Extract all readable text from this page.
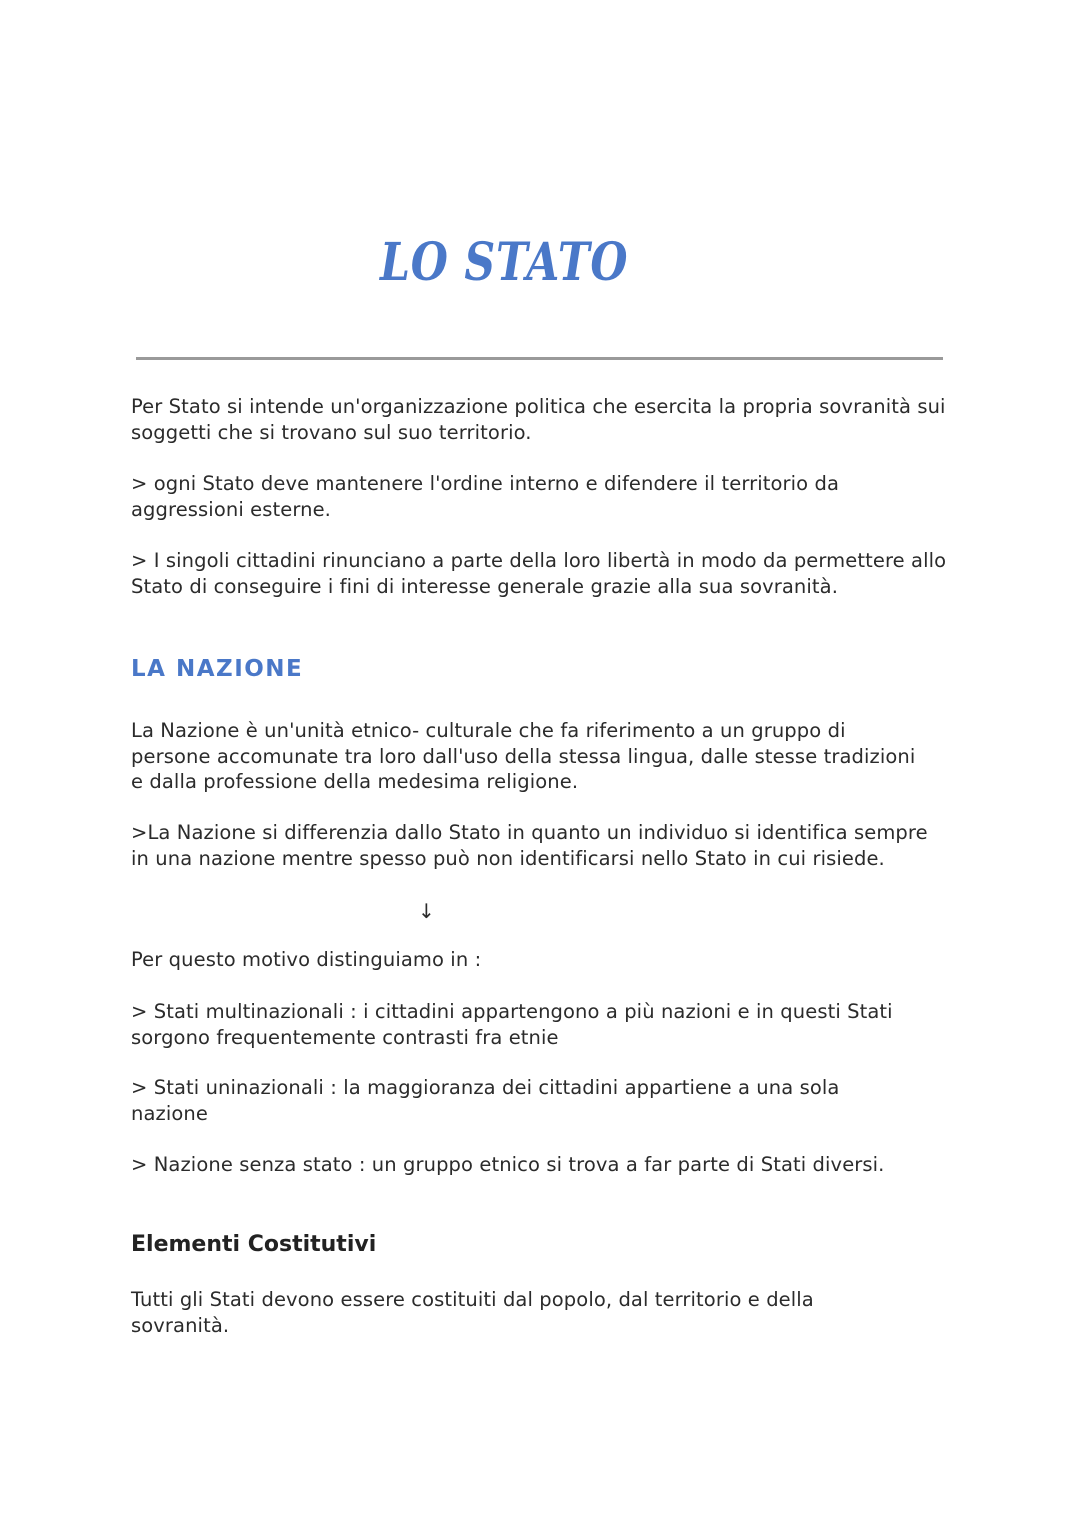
LO STATO

Per Stato si intende un'organizzazione politica che esercita la propria sovranità sui soggetti che si trovano sul suo territorio.

> ogni Stato deve mantenere l'ordine interno e difendere il territorio da aggressioni esterne.

> I singoli cittadini rinunciano a parte della loro libertà in modo da permettere allo Stato di conseguire i fini di interesse generale grazie alla sua sovranità.

LA NAZIONE

La Nazione è un'unità etnico- culturale che fa riferimento a un gruppo di persone accomunate tra loro dall'uso della stessa lingua, dalle stesse tradizioni e dalla professione della medesima religione.

>La Nazione si differenzia dallo Stato in quanto un individuo si identifica sempre in una nazione mentre spesso può non identificarsi nello Stato in cui risiede.

↓

Per questo motivo distinguiamo in :

> Stati multinazionali : i cittadini appartengono a più nazioni e in questi Stati sorgono frequentemente contrasti fra etnie

> Stati uninazionali : la maggioranza dei cittadini appartiene a una sola nazione

> Nazione senza stato : un gruppo etnico si trova a far parte di Stati diversi.

Elementi Costitutivi

Tutti gli Stati devono essere costituiti dal popolo, dal territorio e della sovranità.
